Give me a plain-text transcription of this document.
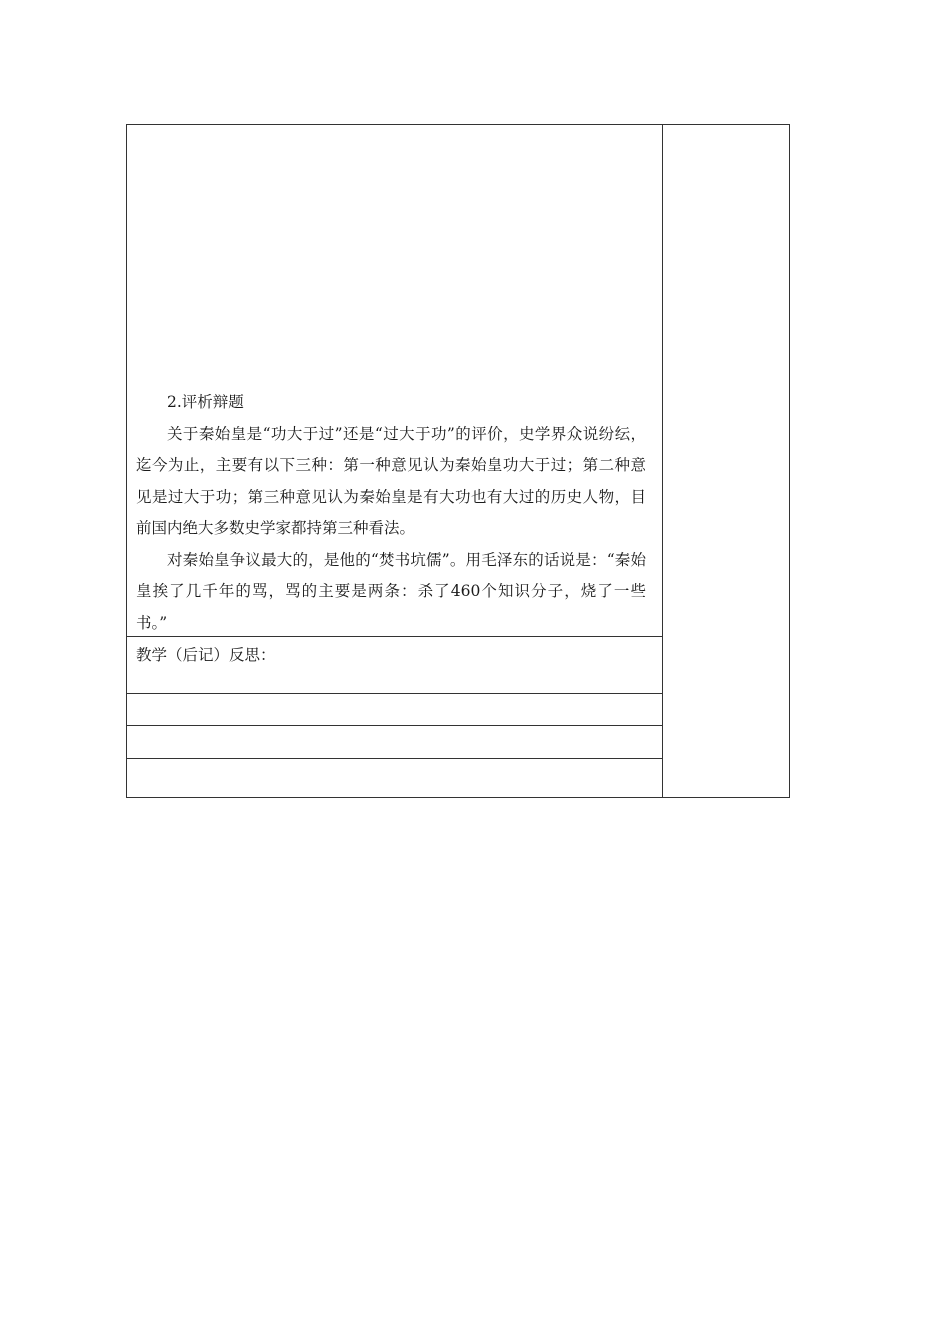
2.评析辩题

关于秦始皇是“功大于过”还是“过大于功”的评价，史学界众说纷纭，迄今为止，主要有以下三种：第一种意见认为秦始皇功大于过；第二种意见是过大于功；第三种意见认为秦始皇是有大功也有大过的历史人物，目前国内绝大多数史学家都持第三种看法。

对秦始皇争议最大的，是他的“焚书坑儒”。用毛泽东的话说是：“秦始皇挨了几千年的骂，骂的主要是两条：杀了460个知识分子，烧了一些书。”

教学（后记）反思：
